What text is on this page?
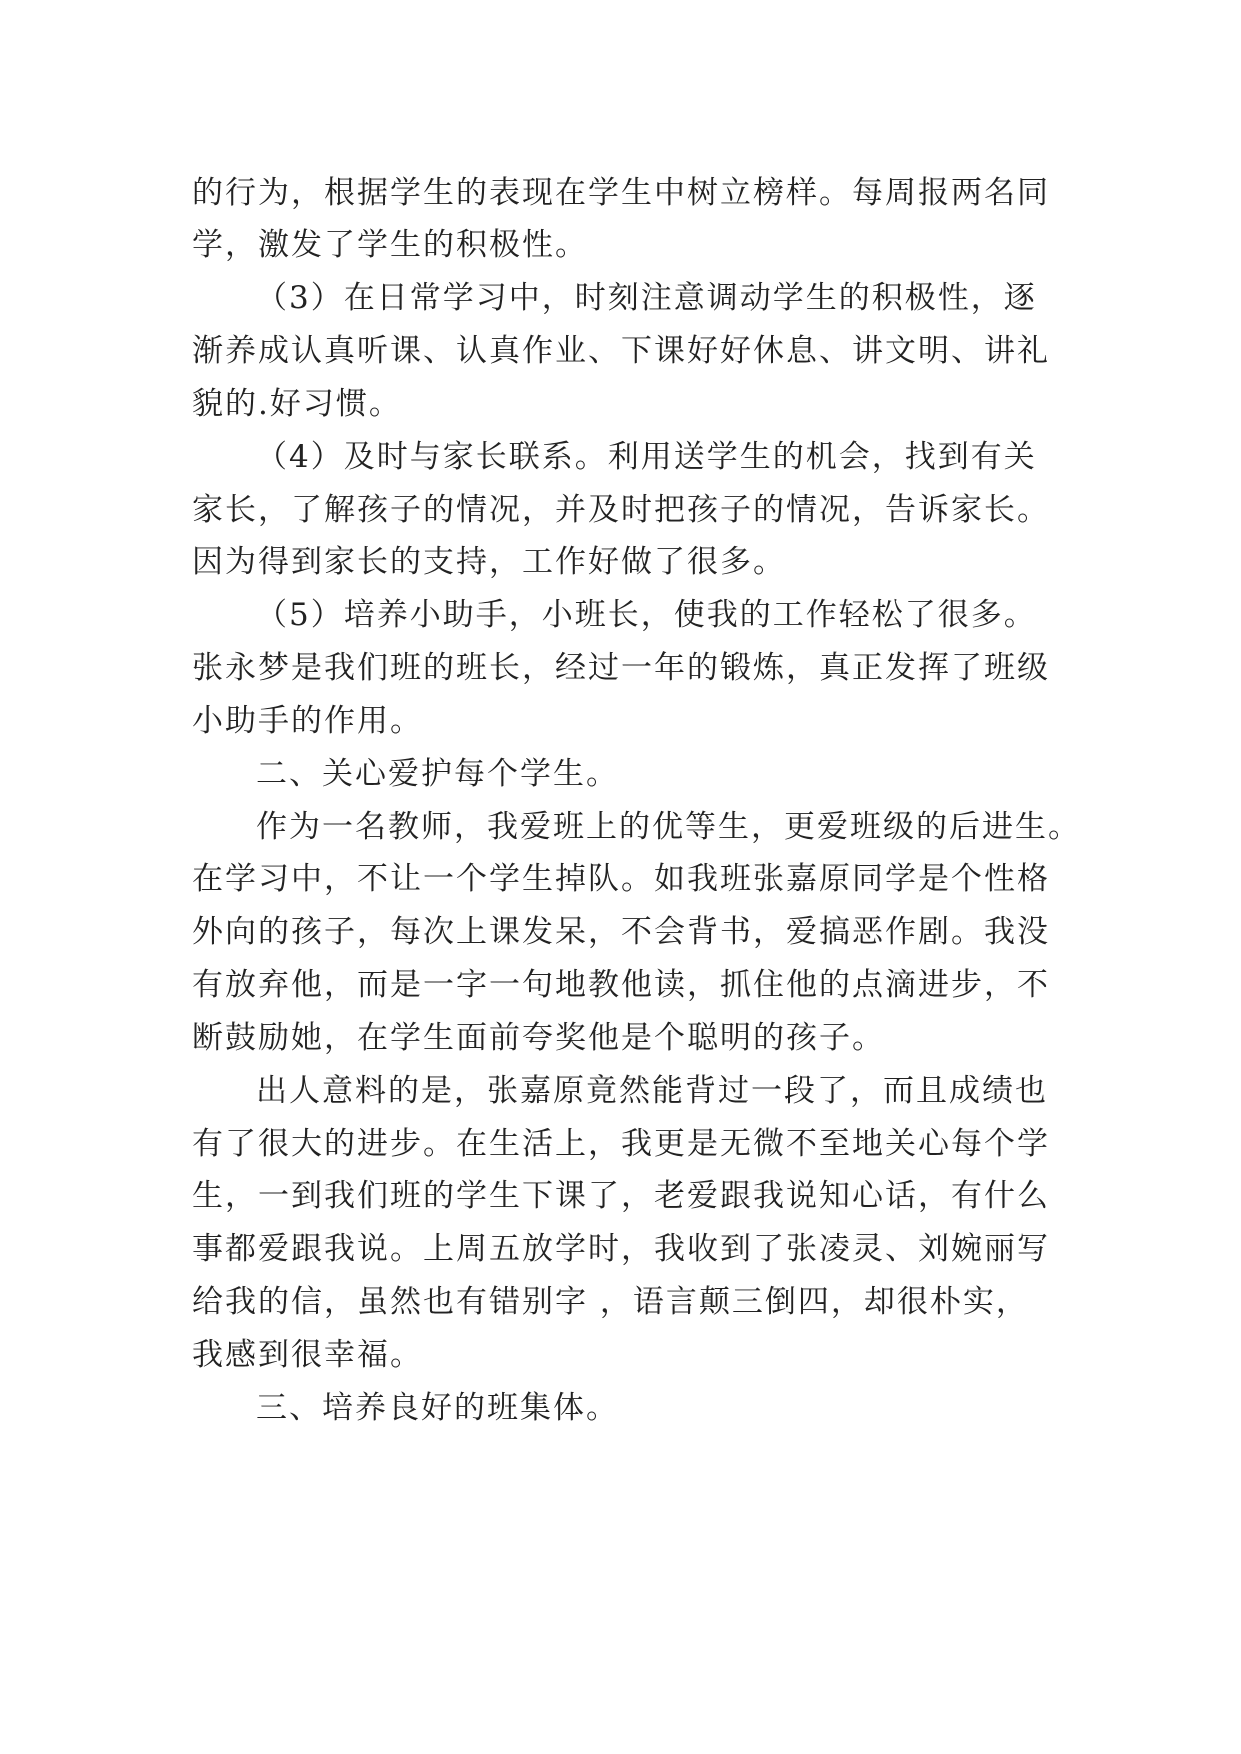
的行为，根据学生的表现在学生中树立榜样。每周报两名同
学，激发了学生的积极性。
（3）在日常学习中，时刻注意调动学生的积极性，逐
渐养成认真听课、认真作业、下课好好休息、讲文明、讲礼
貌的.好习惯。
（4）及时与家长联系。利用送学生的机会，找到有关
家长，了解孩子的情况，并及时把孩子的情况，告诉家长。
因为得到家长的支持，工作好做了很多。
（5）培养小助手，小班长，使我的工作轻松了很多。
张永梦是我们班的班长，经过一年的锻炼，真正发挥了班级
小助手的作用。
二、关心爱护每个学生。
作为一名教师，我爱班上的优等生，更爱班级的后进生。
在学习中，不让一个学生掉队。如我班张嘉原同学是个性格
外向的孩子，每次上课发呆，不会背书，爱搞恶作剧。我没
有放弃他，而是一字一句地教他读，抓住他的点滴进步，不
断鼓励她，在学生面前夸奖他是个聪明的孩子。
出人意料的是，张嘉原竟然能背过一段了，而且成绩也
有了很大的进步。在生活上，我更是无微不至地关心每个学
生，一到我们班的学生下课了，老爱跟我说知心话，有什么
事都爱跟我说。上周五放学时，我收到了张凌灵、刘婉丽写
给我的信，虽然也有错别字 ，语言颠三倒四，却很朴实，
我感到很幸福。
三、培养良好的班集体。
